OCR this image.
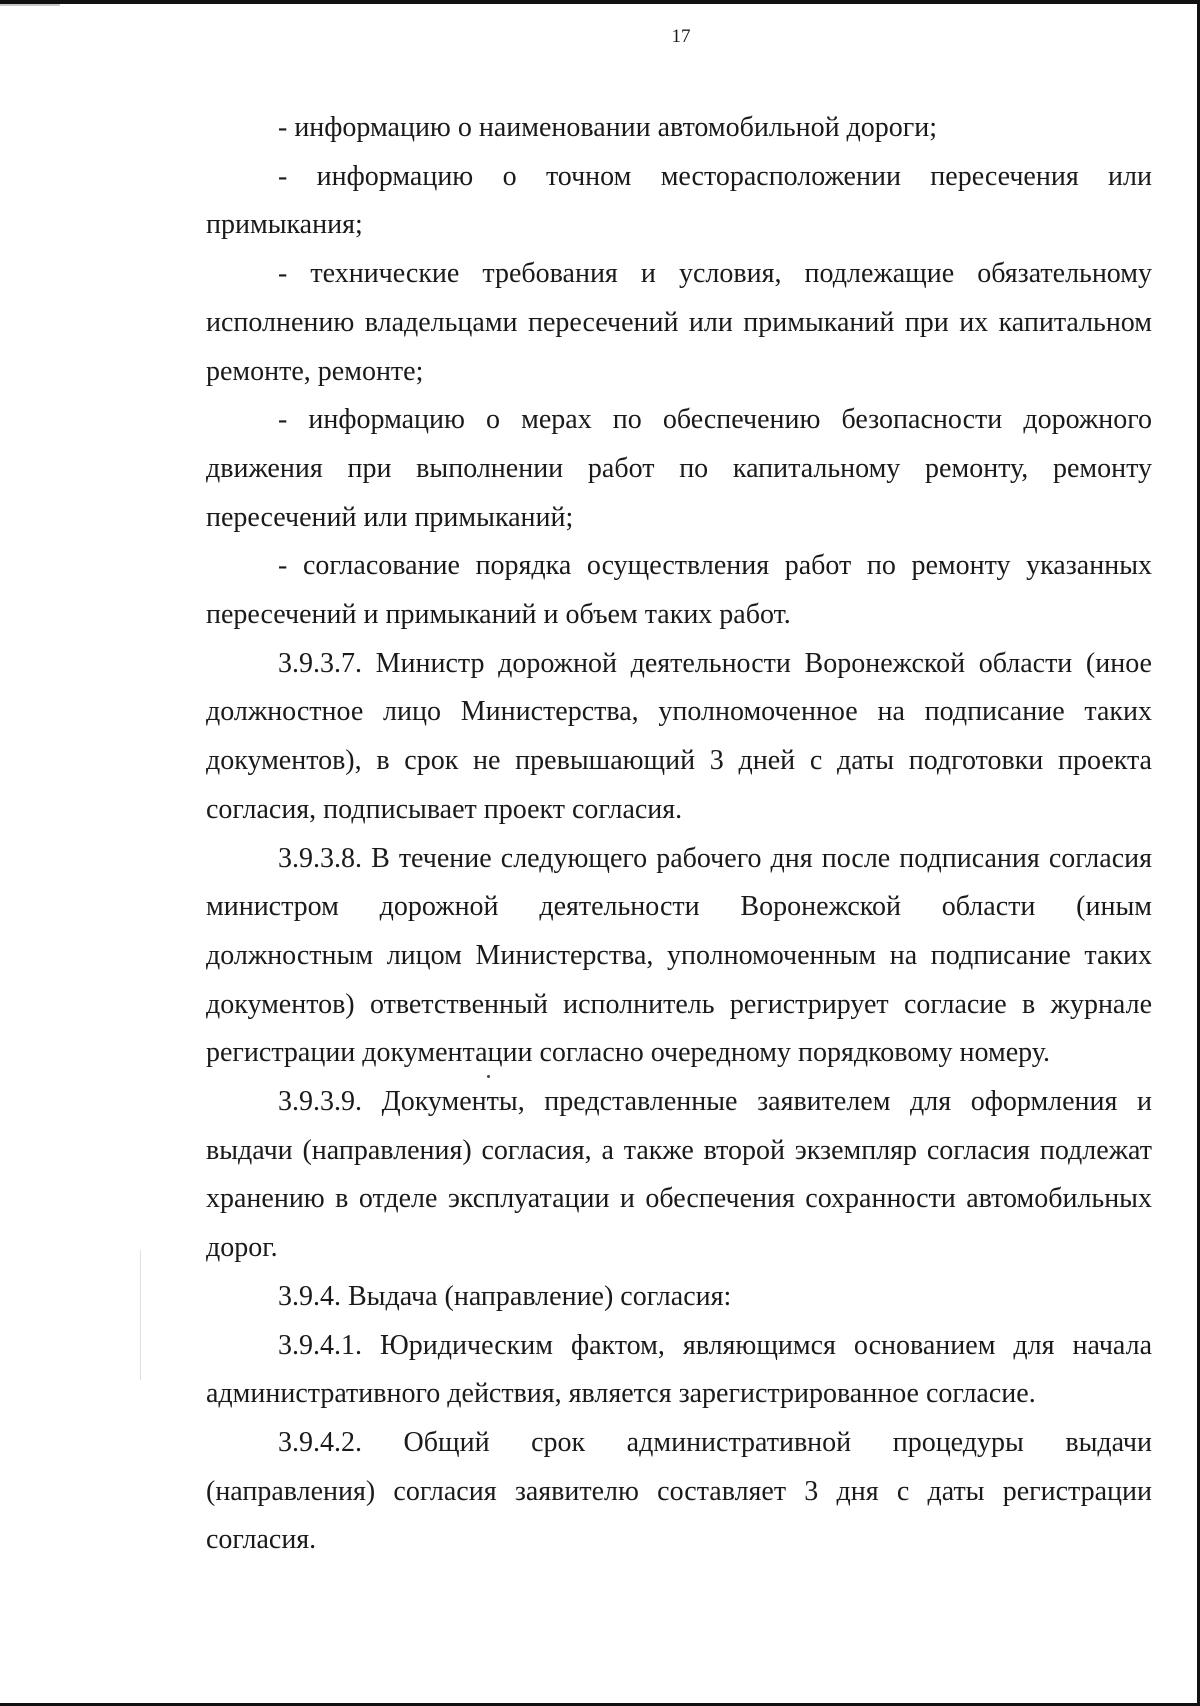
17

- информацию о наименовании автомобильной дороги;

- информацию о точном месторасположении пересечения или примыкания;

- технические требования и условия, подлежащие обязательному исполнению владельцами пересечений или примыканий при их капитальном ремонте, ремонте;

- информацию о мерах по обеспечению безопасности дорожного движения при выполнении работ по капитальному ремонту, ремонту пересечений или примыканий;

- согласование порядка осуществления работ по ремонту указанных пересечений и примыканий и объем таких работ.

3.9.3.7. Министр дорожной деятельности Воронежской области (иное должностное лицо Министерства, уполномоченное на подписание таких документов), в срок не превышающий 3 дней с даты подготовки проекта согласия, подписывает проект согласия.

3.9.3.8. В течение следующего рабочего дня после подписания согласия министром дорожной деятельности Воронежской области (иным должностным лицом Министерства, уполномоченным на подписание таких документов) ответственный исполнитель регистрирует согласие в журнале регистрации документации согласно очередному порядковому номеру.

3.9.3.9. Документы, представленные заявителем для оформления и выдачи (направления) согласия, а также второй экземпляр согласия подлежат хранению в отделе эксплуатации и обеспечения сохранности автомобильных дорог.

3.9.4. Выдача (направление) согласия:

3.9.4.1. Юридическим фактом, являющимся основанием для начала административного действия, является зарегистрированное согласие.

3.9.4.2. Общий срок административной процедуры выдачи (направления) согласия заявителю составляет 3 дня с даты регистрации согласия.
